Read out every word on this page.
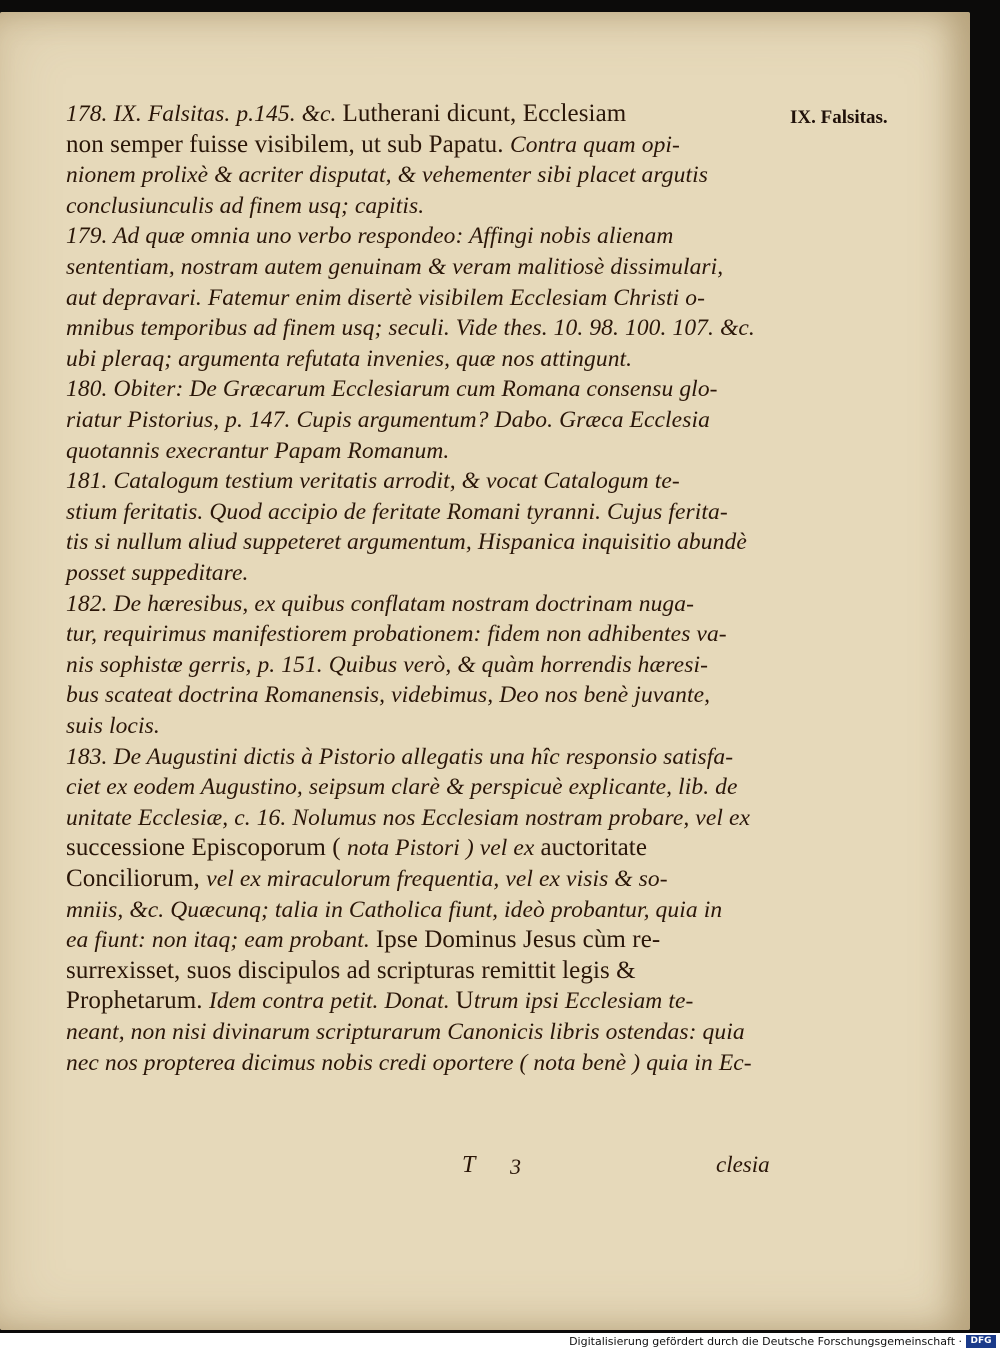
178. IX. Falsitas. p.145. &c. Lutherani dicunt, Ecclesiam
non semper fuisse visibilem, ut sub Papatu. Contra quam opi-
nionem prolixè & acriter disputat, & vehementer sibi placet argutis
conclusiunculis ad finem usq; capitis.
179. Ad quæ omnia uno verbo respondeo: Affingi nobis alienam
sententiam, nostram autem genuinam & veram malitiosè dissimulari,
aut depravari. Fatemur enim disertè visibilem Ecclesiam Christi o-
mnibus temporibus ad finem usq; seculi. Vide thes. 10. 98. 100. 107. &c.
ubi pleraq; argumenta refutata invenies, quæ nos attingunt.
180. Obiter: De Græcarum Ecclesiarum cum Romana consensu glo-
riatur Pistorius, p. 147. Cupis argumentum? Dabo. Græca Ecclesia
quotannis execrantur Papam Romanum.
181. Catalogum testium veritatis arrodit, & vocat Catalogum te-
stium feritatis. Quod accipio de feritate Romani tyranni. Cujus ferita-
tis si nullum aliud suppeteret argumentum, Hispanica inquisitio abundè
posset suppeditare.
182. De hæresibus, ex quibus conflatam nostram doctrinam nuga-
tur, requirimus manifestiorem probationem: fidem non adhibentes va-
nis sophistæ gerris, p. 151. Quibus verò, & quàm horrendis hæresi-
bus scateat doctrina Romanensis, videbimus, Deo nos benè juvante,
suis locis.
183. De Augustini dictis à Pistorio allegatis una hîc responsio satisfa-
ciet ex eodem Augustino, seipsum clarè & perspicuè explicante, lib. de
unitate Ecclesiæ, c. 16. Nolumus nos Ecclesiam nostram probare, vel ex
successione Episcoporum ( nota Pistori ) vel ex auctoritate
Conciliorum, vel ex miraculorum frequentia, vel ex visis & so-
mniis, &c. Quæcunq; talia in Catholica fiunt, ideò probantur, quia in
ea fiunt: non itaq; eam probant. Ipse Dominus Jesus cùm re-
surrexisset, suos discipulos ad scripturas remittit legis &
Prophetarum. Idem contra petit. Donat. Utrum ipsi Ecclesiam te-
neant, non nisi divinarum scripturarum Canonicis libris ostendas: quia
nec nos propterea dicimus nobis credi oportere ( nota benè ) quia in Ec-
IX. Falsitas.
T 3	clesia
Digitalisierung gefördert durch die Deutsche Forschungsgemeinschaft · DFG
